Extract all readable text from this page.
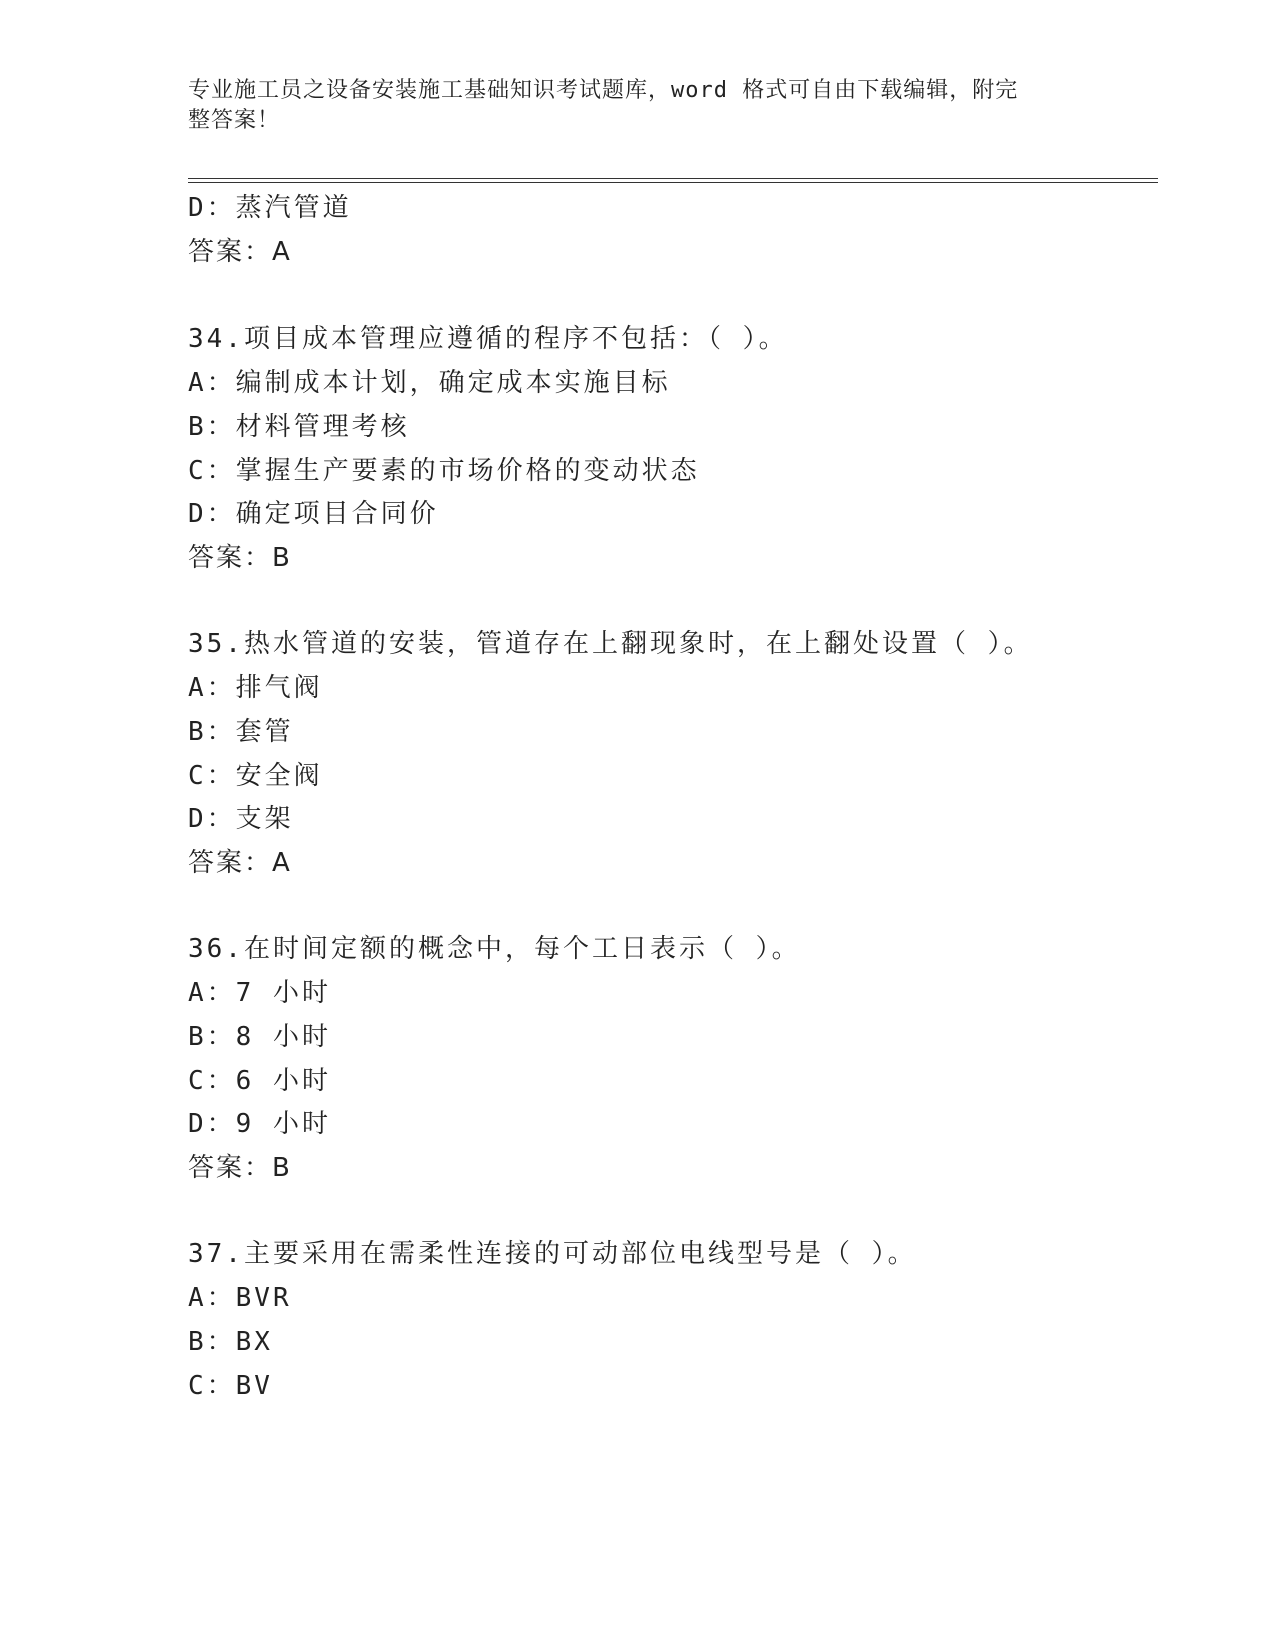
专业施工员之设备安装施工基础知识考试题库，word 格式可自由下载编辑，附完
整答案！
D：蒸汽管道
答案：A
34.项目成本管理应遵循的程序不包括：（ ）。
A：编制成本计划，确定成本实施目标
B：材料管理考核
C：掌握生产要素的市场价格的变动状态
D：确定项目合同价
答案：B
35.热水管道的安装，管道存在上翻现象时，在上翻处设置（ ）。
A：排气阀
B：套管
C：安全阀
D：支架
答案：A
36.在时间定额的概念中，每个工日表示（ ）。
A：7 小时
B：8 小时
C：6 小时
D：9 小时
答案：B
37.主要采用在需柔性连接的可动部位电线型号是（ ）。
A：BVR
B：BX
C：BV
